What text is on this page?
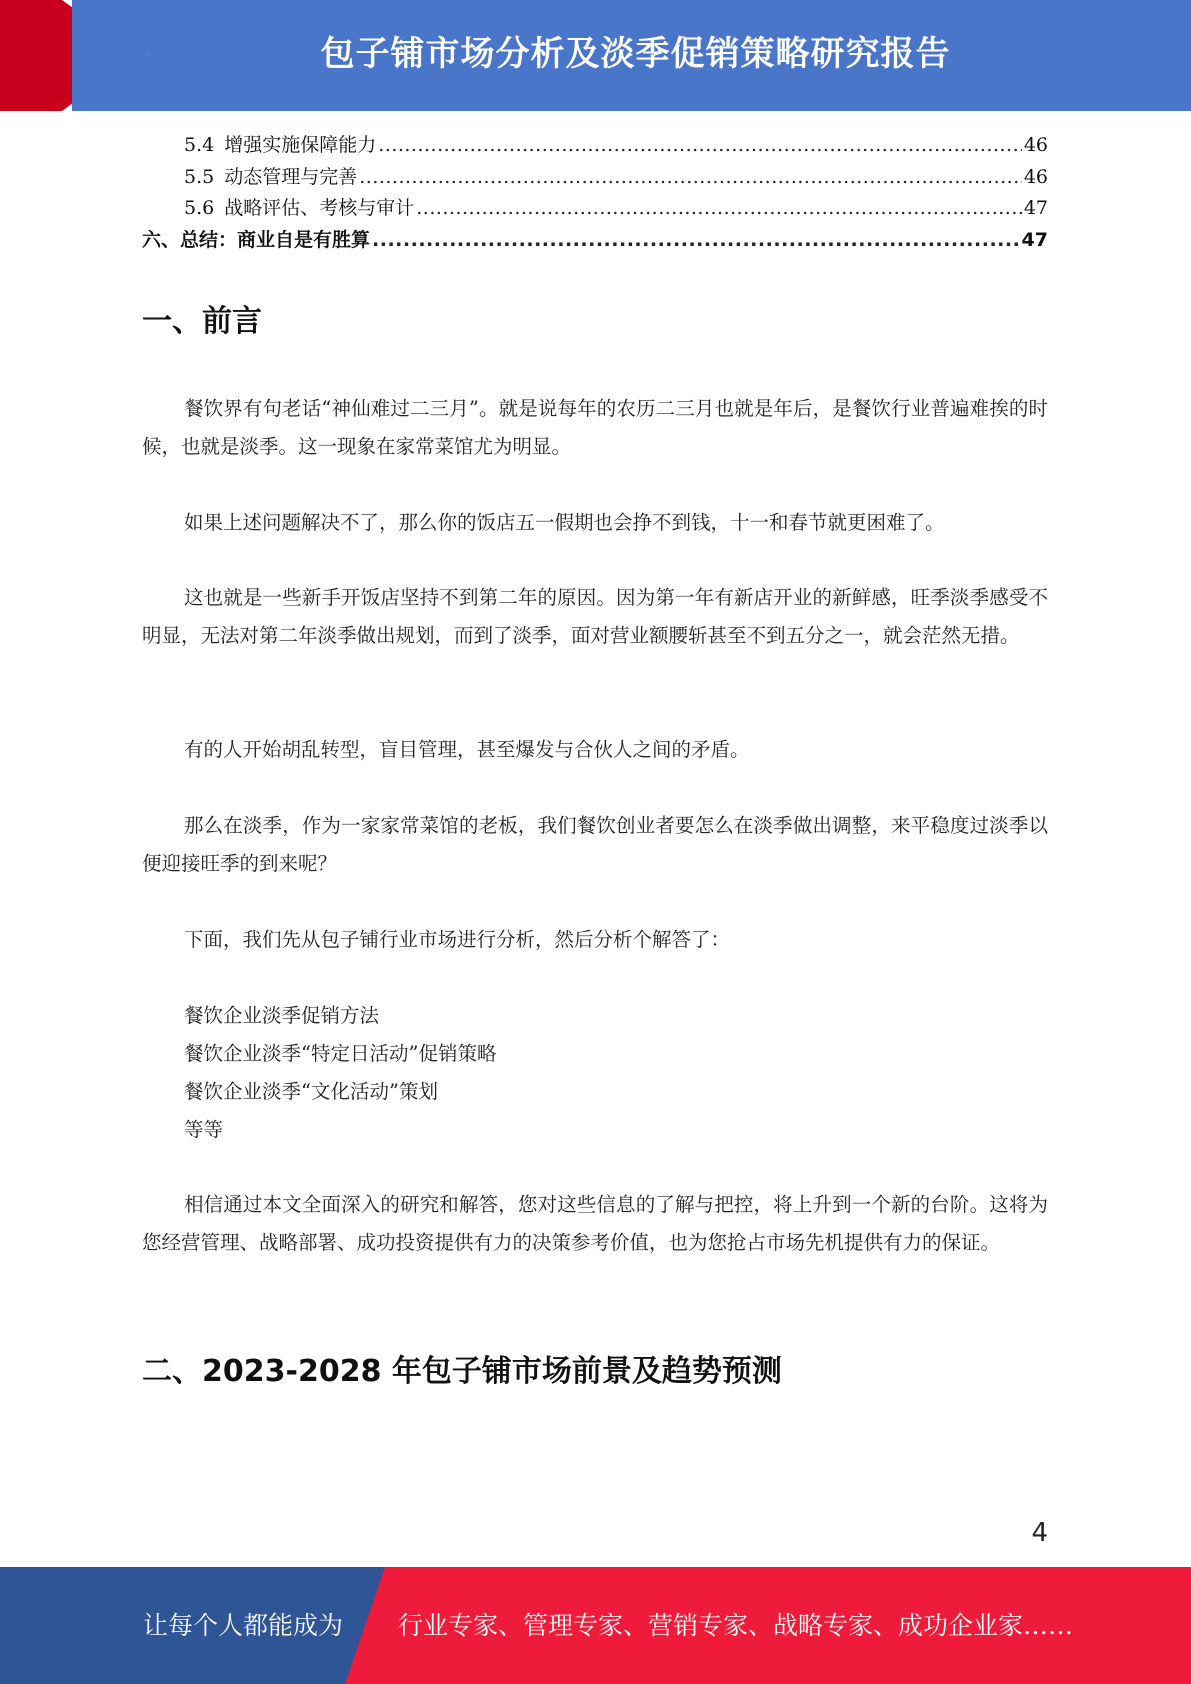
包子铺市场分析及淡季促销策略研究报告
5.4 增强实施保障能力 .....	46
5.5 动态管理与完善 .....	46
5.6 战略评估、考核与审计 .....	47
六、总结：商业自是有胜算 .....	47
一、前言
餐饮界有句老话“神仙难过二三月”。就是说每年的农历二三月也就是年后，是餐饮行业普遍难挨的时候，也就是淡季。这一现象在家常菜馆尤为明显。
如果上述问题解决不了，那么你的饭店五一假期也会挣不到钱，十一和春节就更困难了。
这也就是一些新手开饭店坚持不到第二年的原因。因为第一年有新店开业的新鲜感，旺季淡季感受不明显，无法对第二年淡季做出规划，而到了淡季，面对营业额腰斩甚至不到五分之一，就会茫然无措。
有的人开始胡乱转型，盲目管理，甚至爆发与合伙人之间的矛盾。
那么在淡季，作为一家家常菜馆的老板，我们餐饮创业者要怎么在淡季做出调整，来平稳度过淡季以便迎接旺季的到来呢？
下面，我们先从包子铺行业市场进行分析，然后分析个解答了：
餐饮企业淡季促销方法
餐饮企业淡季“特定日活动”促销策略
餐饮企业淡季“文化活动”策划
等等
相信通过本文全面深入的研究和解答，您对这些信息的了解与把控，将上升到一个新的台阶。这将为您经营管理、战略部署、成功投资提供有力的决策参考价值，也为您抢占市场先机提供有力的保证。
二、2023-2028 年包子铺市场前景及趋势预测
4
让每个人都能成为 行业专家、管理专家、营销专家、战略专家、成功企业家……
